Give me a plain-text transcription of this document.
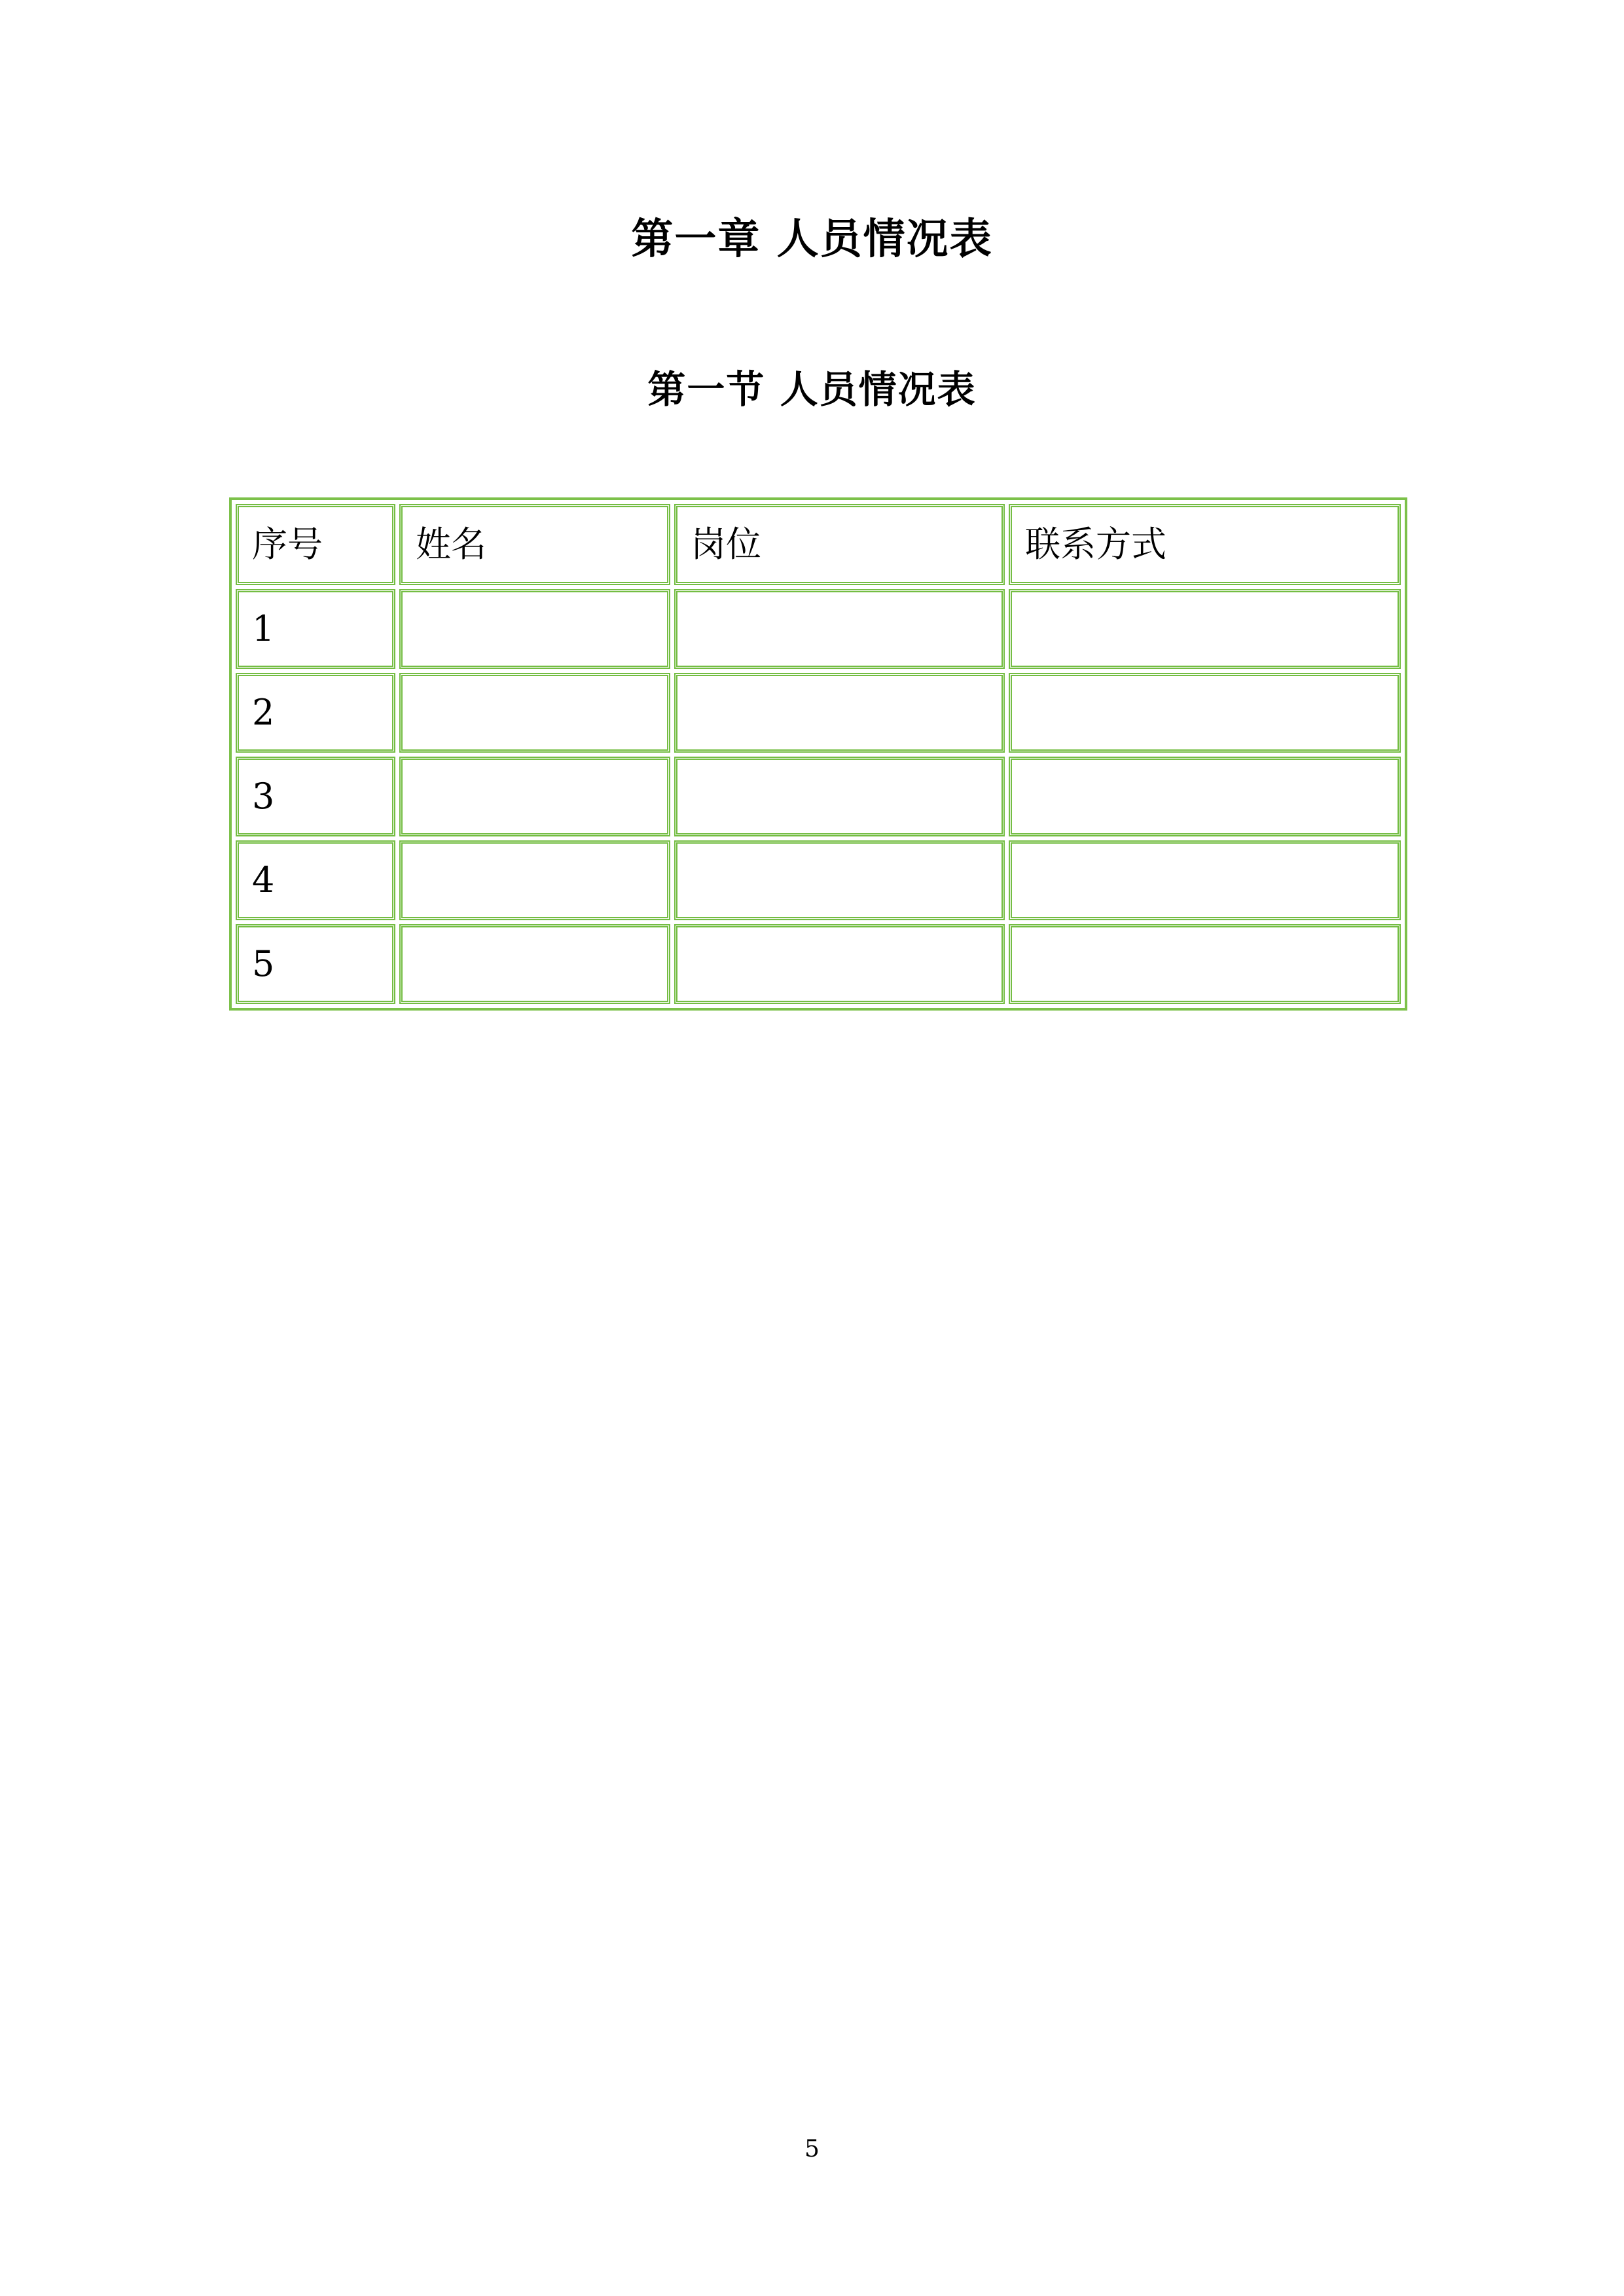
第一章 人员情况表
第一节 人员情况表
序号	姓名	岗位	联系方式
1			
2			
3			
4			
5			
5
